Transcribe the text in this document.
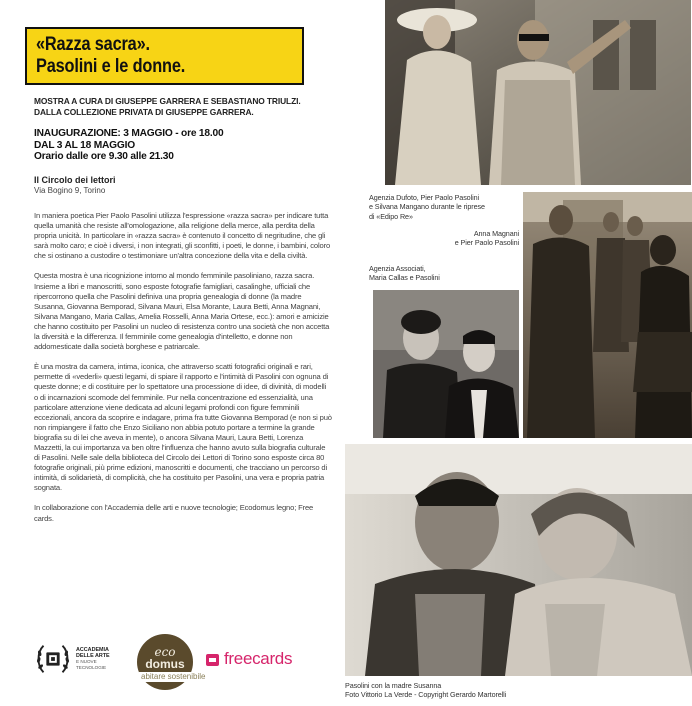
«Razza sacra».
Pasolini e le donne.
MOSTRA A CURA DI GIUSEPPE GARRERA E SEBASTIANO TRIULZI.
DALLA COLLEZIONE PRIVATA DI GIUSEPPE GARRERA.
INAUGURAZIONE: 3 MAGGIO - ore 18.00
DAL 3 AL 18 MAGGIO
Orario dalle ore 9.30 alle 21.30
Il Circolo dei lettori
Via Bogino 9, Torino

In maniera poetica Pier Paolo Pasolini utilizza l'espressione «razza sacra» per indicare tutta quella umanità che resiste all'omologazione, alla religione della merce, alla perdita della propria unicità. In particolare in «razza sacra» è contenuto il concetto di negritudine, che gli sarà molto caro; e cioè i diversi, i non integrati, gli sconfitti, i poeti, le donne, i bambini, coloro che si ostinano a custodire o testimoniare un'altra concezione della vita e della civiltà.

Questa mostra è una ricognizione intorno al mondo femminile pasoliniano, razza sacra. Insieme a libri e manoscritti, sono esposte fotografie famigliari, casalinghe, ufficiali che ripercorrono quella che Pasolini definiva una propria genealogia di donne (la madre Susanna, Giovanna Bemporad, Silvana Mauri, Elsa Morante, Laura Betti, Anna Magnani, Silvana Mangano, Maria Callas, Amelia Rosselli, Anna Maria Ortese, ecc.): amori e amicizie che hanno costituito per Pasolini un nucleo di resistenza contro una società che non accetta la diversità e la differenza. Il femminile come genealogia d'intelletto, e donne non addomesticate dalla società borghese e patriarcale.

È una mostra da camera, intima, iconica, che attraverso scatti fotografici originali e rari, permette di «vederli» questi legami, di spiare il rapporto e l'intimità di Pasolini con ognuna di queste donne; e di costituire per lo spettatore una processione di idee, di divinità, di modelli o di incarnazioni scomode del femminile. Pur nella concentrazione ed essenzialità, una particolare attenzione viene dedicata ad alcuni legami profondi con figure femminili eccezionali, ancora da scoprire e indagare, prima fra tutte Giovanna Bemporad (e non si può non rimpiangere il fatto che Enzo Siciliano non abbia potuto portare a termine la grande biografia su di lei che aveva in mente), o ancora Silvana Mauri, Laura Betti, Lorenza Mazzetti, la cui importanza va ben oltre l'influenza che hanno avuto sulla biografia culturale di Pasolini. Nelle sale della biblioteca del Circolo dei Lettori di Torino sono esposte circa 80 fotografie originali, più prime edizioni, manoscritti e documenti, che tracciano un percorso di intimità, di solidarietà, di complicità, che ha costituito per Pasolini, una vera e propria patria sognata.

In collaborazione con l'Accademia delle arti e nuove tecnologie; Ecodomus legno; Free cards.

ACCADEMIA
DELLE ARTE
E NUOVE
TECNOLOGIE
eco
domus
abitare sostenibile
freecards
Agenzia Dufoto, Pier Paolo Pasolini
e Silvana Mangano durante le riprese
di «Edipo Re»
Anna Magnani
e Pier Paolo Pasolini
Agenzia Associati,
Maria Callas e Pasolini
Pasolini con la madre Susanna
Foto Vittorio La Verde - Copyright Gerardo Martorelli
